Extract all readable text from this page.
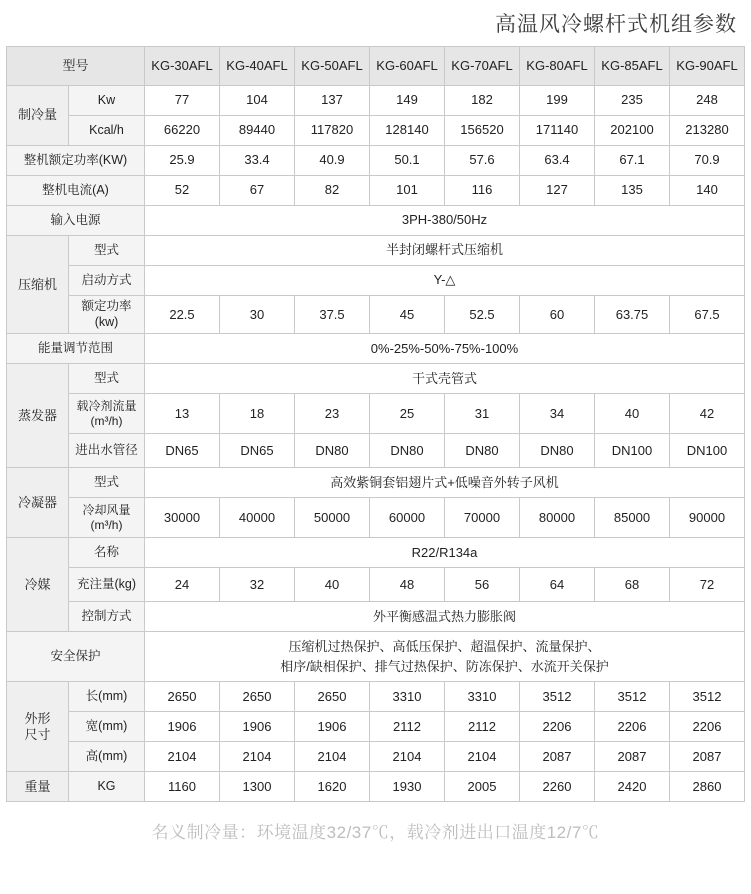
高温风冷螺杆式机组参数
型号		KG-30AFL	KG-40AFL	KG-50AFL	KG-60AFL	KG-70AFL	KG-80AFL	KG-85AFL	KG-90AFL
制冷量	Kw	77	104	137	149	182	199	235	248
	Kcal/h	66220	89440	117820	128140	156520	171140	202100	213280
整机额定功率(KW)		25.9	33.4	40.9	50.1	57.6	63.4	67.1	70.9
整机电流(A)		52	67	82	101	116	127	135	140
输入电源		3PH-380/50Hz							
压缩机	型式	半封闭螺杆式压缩机							
	启动方式	Y-△							
	额定功率(kw)	22.5	30	37.5	45	52.5	60	63.75	67.5
能量调节范围		0%‑25%‑50%‑75%‑100%							
蒸发器	型式	干式壳管式							
	载冷剂流量
(m³/h)	13	18	23	25	31	34	40	42
	进出水管径	DN65	DN65	DN80	DN80	DN80	DN80	DN100	DN100
冷凝器	型式	高效紫铜套铝翅片式+低噪音外转子风机							
	冷却风量
(m³/h)	30000	40000	50000	60000	70000	80000	85000	90000
冷媒	名称	R22/R134a							
	充注量(kg)	24	32	40	48	56	64	68	72
	控制方式	外平衡感温式热力膨胀阀							
安全保护		压缩机过热保护、高低压保护、超温保护、流量保护、
相序/缺相保护、排气过热保护、防冻保护、水流开关保护							
外形
尺寸	长(mm)	2650	2650	2650	3310	3310	3512	3512	3512
	宽(mm)	1906	1906	1906	2112	2112	2206	2206	2206
	高(mm)	2104	2104	2104	2104	2104	2087	2087	2087
重量	KG	1160	1300	1620	1930	2005	2260	2420	2860
名义制冷量：环境温度32/37℃，载冷剂进出口温度12/7℃
